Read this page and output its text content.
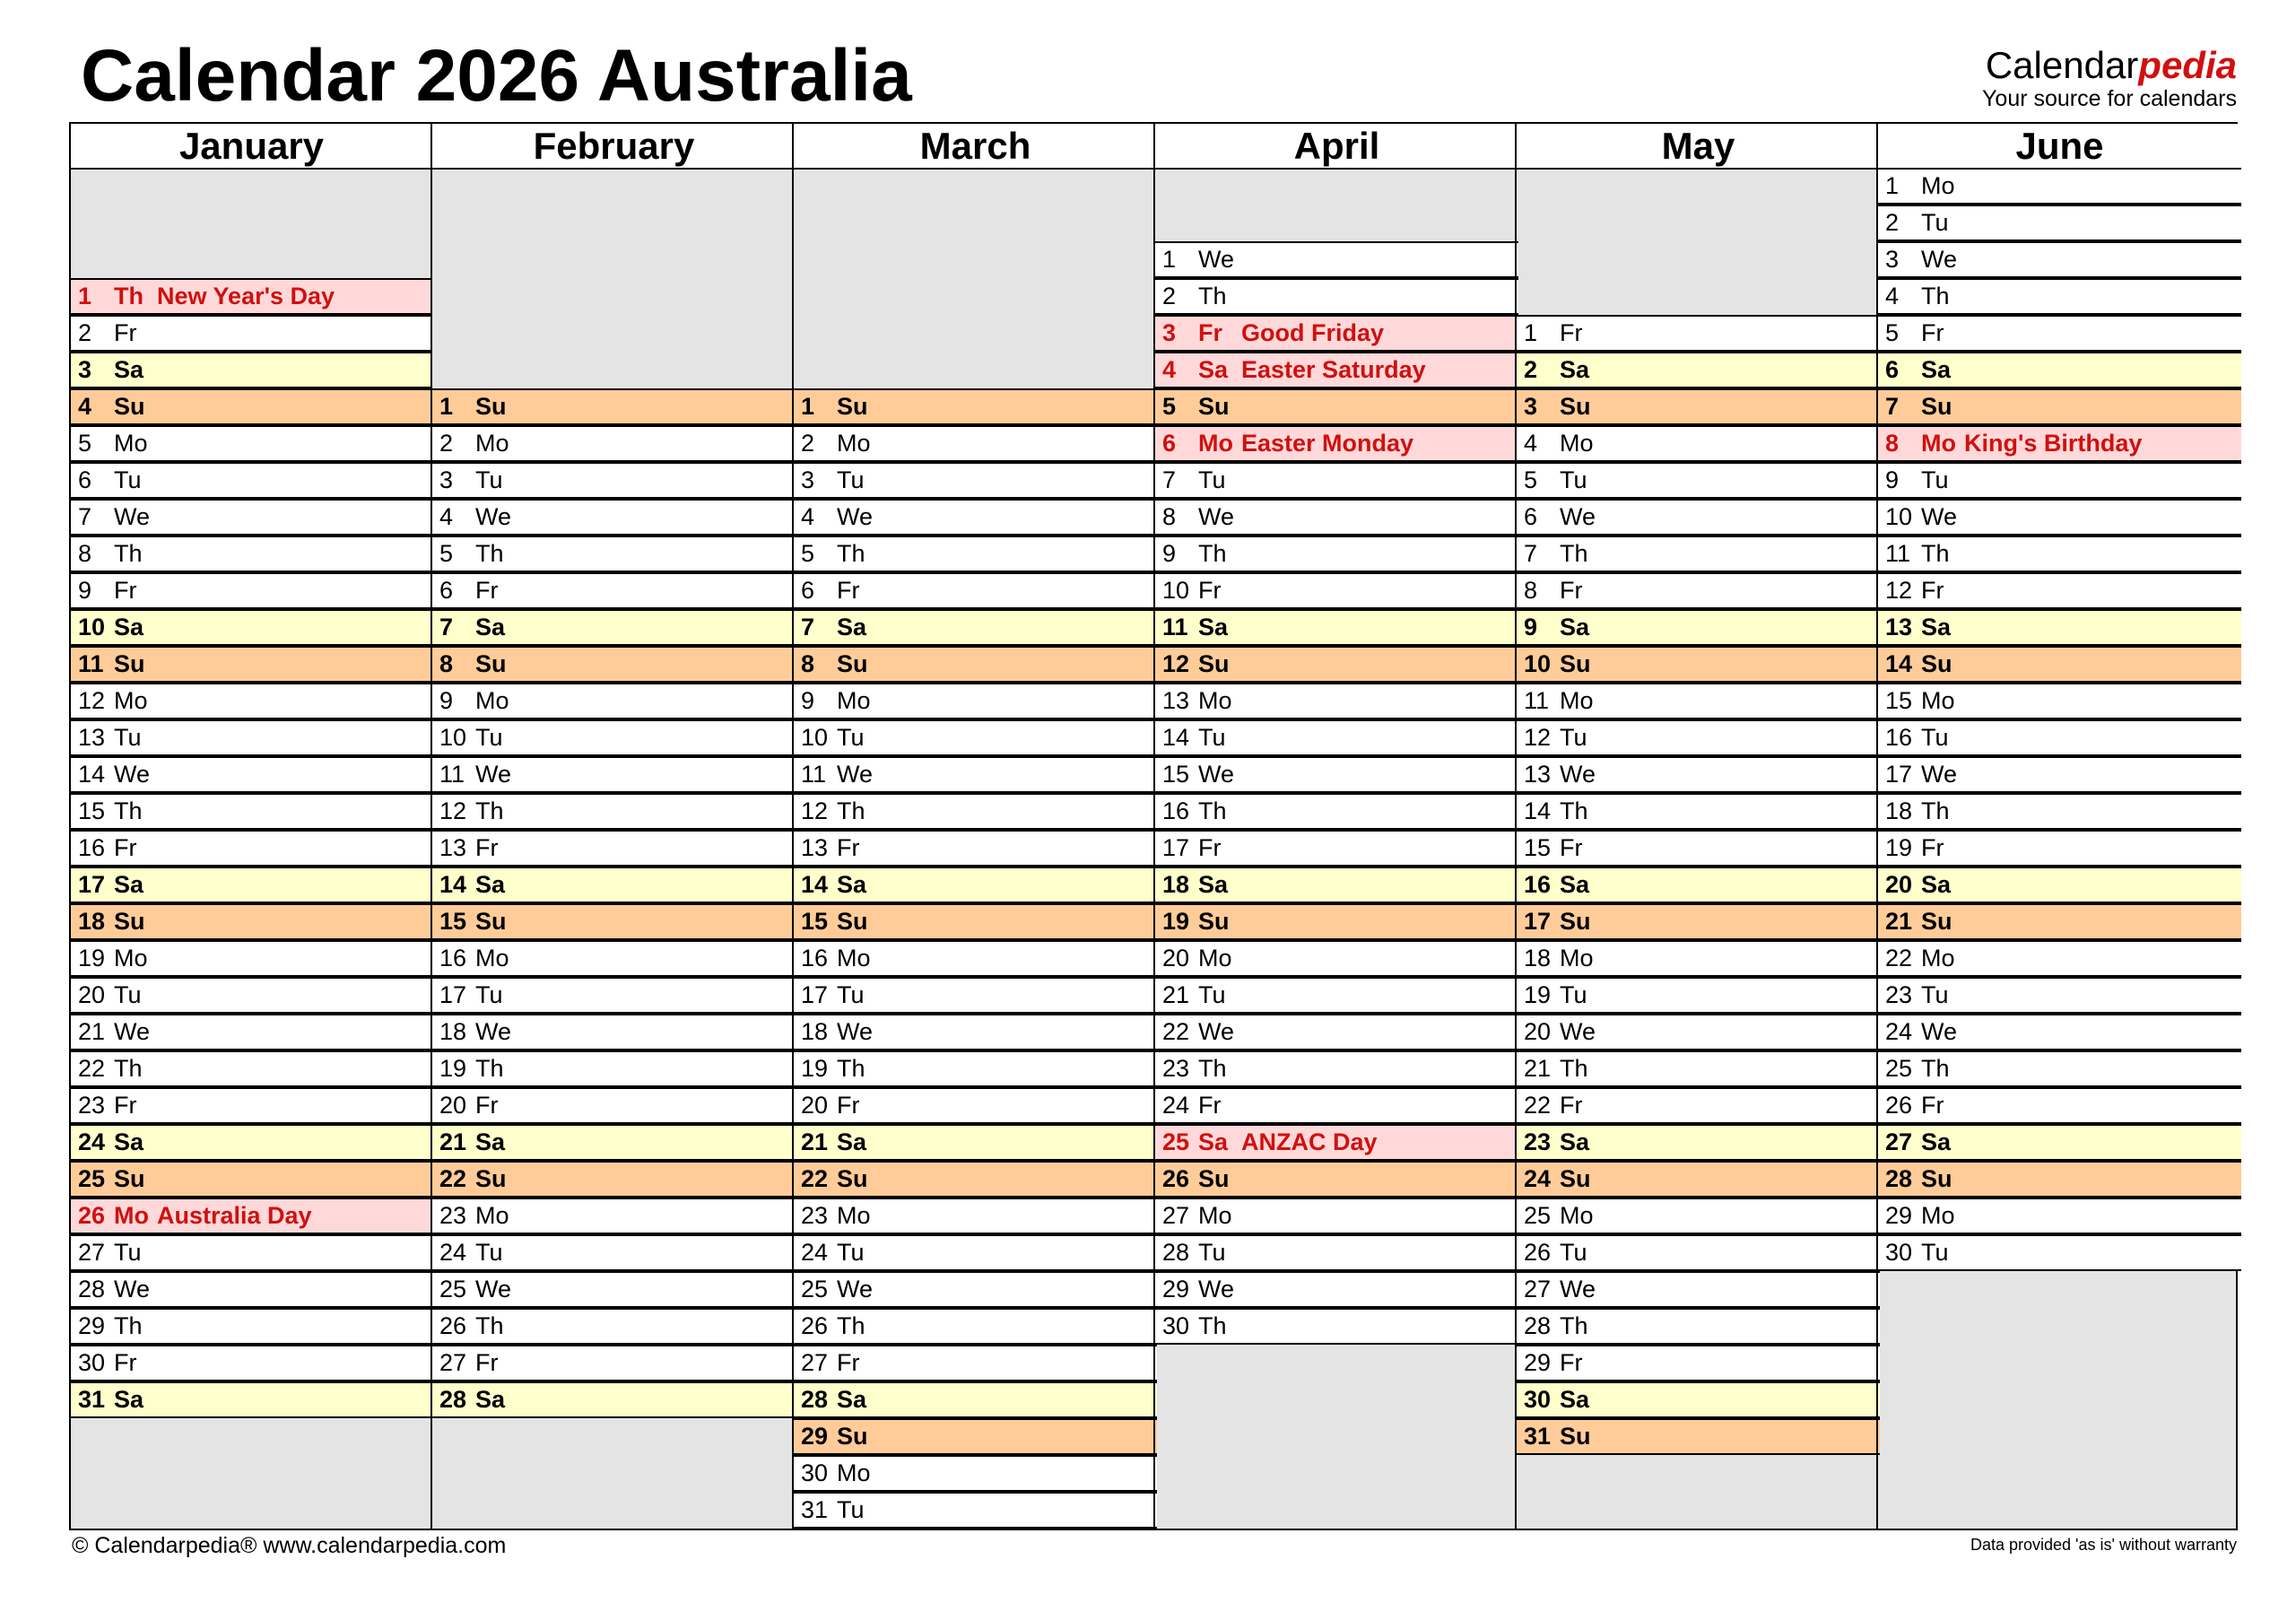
Calendar 2026 Australia	Calendarpedia
Your source for calendars
January
1 Th New Year's Day
2 Fr
3 Sa
4 Su
5 Mo
6 Tu
7 We
8 Th
9 Fr
10 Sa
11 Su
12 Mo
13 Tu
14 We
15 Th
16 Fr
17 Sa
18 Su
19 Mo
20 Tu
21 We
22 Th
23 Fr
24 Sa
25 Su
26 Mo Australia Day
27 Tu
28 We
29 Th
30 Fr
31 Sa
February
1 Su
2 Mo
3 Tu
4 We
5 Th
6 Fr
7 Sa
8 Su
9 Mo
10 Tu
11 We
12 Th
13 Fr
14 Sa
15 Su
16 Mo
17 Tu
18 We
19 Th
20 Fr
21 Sa
22 Su
23 Mo
24 Tu
25 We
26 Th
27 Fr
28 Sa
March
1 Su
2 Mo
3 Tu
4 We
5 Th
6 Fr
7 Sa
8 Su
9 Mo
10 Tu
11 We
12 Th
13 Fr
14 Sa
15 Su
16 Mo
17 Tu
18 We
19 Th
20 Fr
21 Sa
22 Su
23 Mo
24 Tu
25 We
26 Th
27 Fr
28 Sa
29 Su
30 Mo
31 Tu
April
1 We
2 Th
3 Fr Good Friday
4 Sa Easter Saturday
5 Su
6 Mo Easter Monday
7 Tu
8 We
9 Th
10 Fr
11 Sa
12 Su
13 Mo
14 Tu
15 We
16 Th
17 Fr
18 Sa
19 Su
20 Mo
21 Tu
22 We
23 Th
24 Fr
25 Sa ANZAC Day
26 Su
27 Mo
28 Tu
29 We
30 Th
May
1 Fr
2 Sa
3 Su
4 Mo
5 Tu
6 We
7 Th
8 Fr
9 Sa
10 Su
11 Mo
12 Tu
13 We
14 Th
15 Fr
16 Sa
17 Su
18 Mo
19 Tu
20 We
21 Th
22 Fr
23 Sa
24 Su
25 Mo
26 Tu
27 We
28 Th
29 Fr
30 Sa
31 Su
June
1 Mo
2 Tu
3 We
4 Th
5 Fr
6 Sa
7 Su
8 Mo King's Birthday
9 Tu
10 We
11 Th
12 Fr
13 Sa
14 Su
15 Mo
16 Tu
17 We
18 Th
19 Fr
20 Sa
21 Su
22 Mo
23 Tu
24 We
25 Th
26 Fr
27 Sa
28 Su
29 Mo
30 Tu
© Calendarpedia® www.calendarpedia.com	Data provided 'as is' without warranty
